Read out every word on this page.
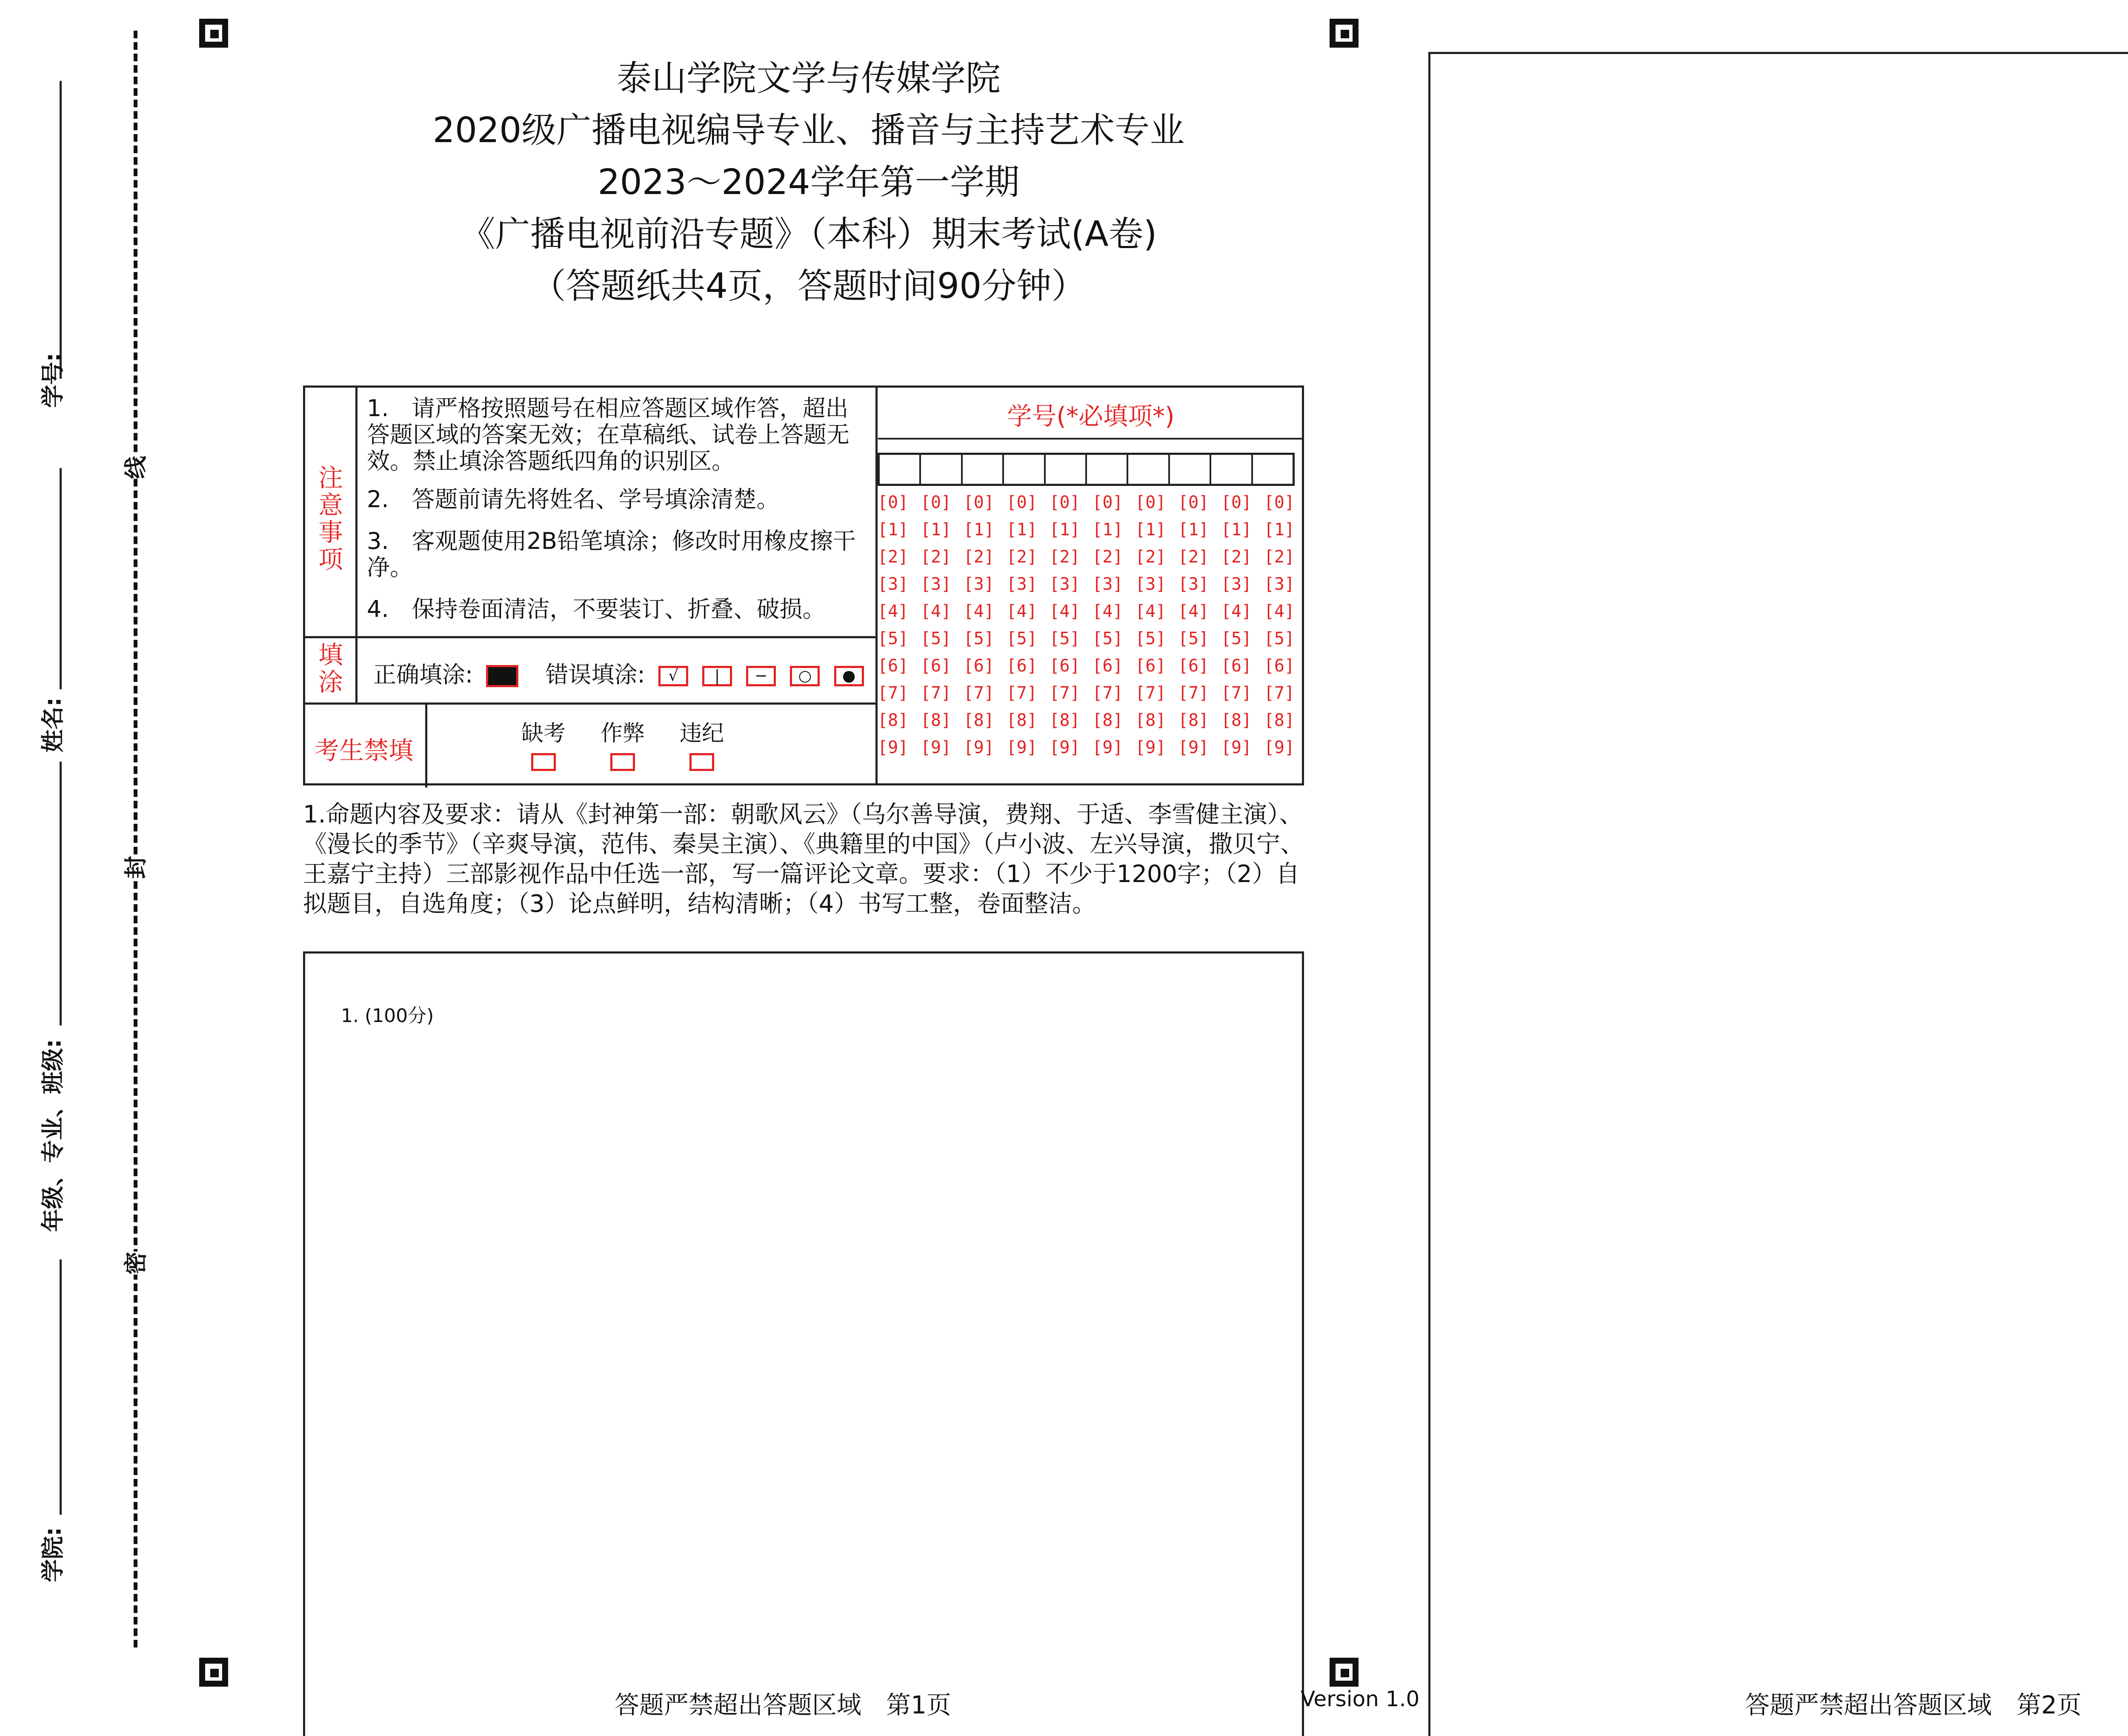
学号:
姓名:
年级、专业、班级:
学院:
线
封
密
泰山学院文学与传媒学院
2020级广播电视编导专业、播音与主持艺术专业
2023～2024学年第一学期
《广播电视前沿专题》（本科）期末考试(A卷)
（答题纸共4页，答题时间90分钟）
注意事项
1.　请严格按照题号在相应答题区域作答，超出答题区域的答案无效；在草稿纸、试卷上答题无效。禁止填涂答题纸四角的识别区。
2.　答题前请先将姓名、学号填涂清楚。
3.　客观题使用2B铅笔填涂；修改时用橡皮擦干净。
4.　保持卷面清洁，不要装订、折叠、破损。
填涂 正确填涂:	错误填涂: √ | − ○ ●
考生禁填
缺考 作弊 违纪
学号(*必填项*)
[0] [0] [0] [0] [0] [0] [0] [0] [0] [0]
[1] [1] [1] [1] [1] [1] [1] [1] [1] [1]
[2] [2] [2] [2] [2] [2] [2] [2] [2] [2]
[3] [3] [3] [3] [3] [3] [3] [3] [3] [3]
[4] [4] [4] [4] [4] [4] [4] [4] [4] [4]
[5] [5] [5] [5] [5] [5] [5] [5] [5] [5]
[6] [6] [6] [6] [6] [6] [6] [6] [6] [6]
[7] [7] [7] [7] [7] [7] [7] [7] [7] [7]
[8] [8] [8] [8] [8] [8] [8] [8] [8] [8]
[9] [9] [9] [9] [9] [9] [9] [9] [9] [9]
1.命题内容及要求：请从《封神第一部：朝歌风云》（乌尔善导演，费翔、于适、李雪健主演）、《漫长的季节》（辛爽导演，范伟、秦昊主演）、《典籍里的中国》（卢小波、左兴导演，撒贝宁、王嘉宁主持）三部影视作品中任选一部，写一篇评论文章。要求：（1）不少于1200字；（2）自拟题目，自选角度；（3）论点鲜明，结构清晰；（4）书写工整，卷面整洁。
1. (100分)
答题严禁超出答题区域　第1页	Version 1.0	答题严禁超出答题区域　第2页
